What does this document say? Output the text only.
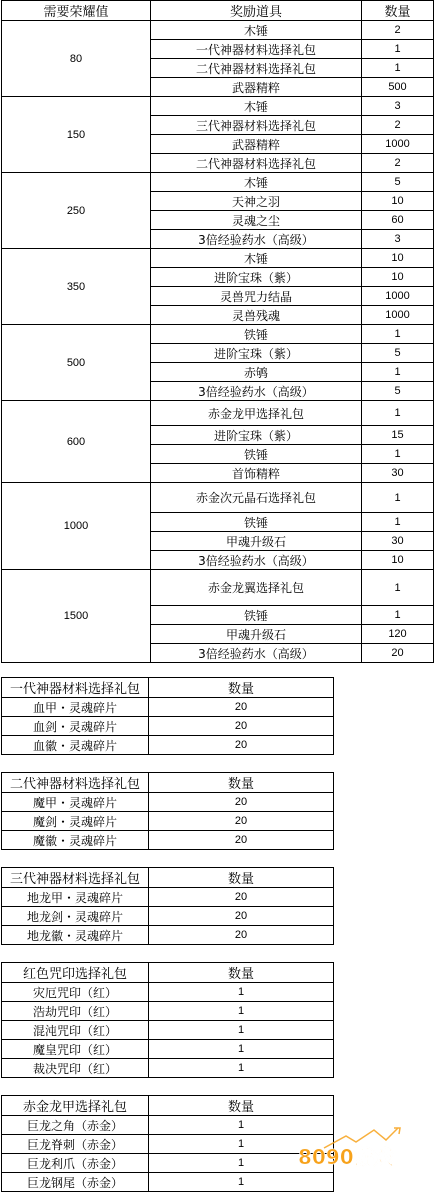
需要荣耀值	奖励道具	数量
80	木锤	2
	一代神器材料选择礼包	1
	二代神器材料选择礼包	1
	武器精粹	500
150	木锤	3
	三代神器材料选择礼包	2
	武器精粹	1000
	二代神器材料选择礼包	2
250	木锤	5
	天神之羽	10
	灵魂之尘	60
	3倍经验药水（高级）	3
350	木锤	10
	进阶宝珠（紫）	10
	灵兽咒力结晶	1000
	灵兽残魂	1000
500	铁锤	1
	进阶宝珠（紫）	5
	赤鸲	1
	3倍经验药水（高级）	5
600	赤金龙甲选择礼包	1
	进阶宝珠（紫）	15
	铁锤	1
	首饰精粹	30
1000	赤金次元晶石选择礼包	1
	铁锤	1
	甲魂升级石	30
	3倍经验药水（高级）	10
1500	赤金龙翼选择礼包	1
	铁锤	1
	甲魂升级石	120
	3倍经验药水（高级）	20
一代神器材料选择礼包	数量
血甲・灵魂碎片	20
血剑・灵魂碎片	20
血徽・灵魂碎片	20
二代神器材料选择礼包	数量
魔甲・灵魂碎片	20
魔剑・灵魂碎片	20
魔徽・灵魂碎片	20
三代神器材料选择礼包	数量
地龙甲・灵魂碎片	20
地龙剑・灵魂碎片	20
地龙徽・灵魂碎片	20
红色咒印选择礼包	数量
灾厄咒印（红）	1
浩劫咒印（红）	1
混沌咒印（红）	1
魔皇咒印（红）	1
裁决咒印（红）	1
赤金龙甲选择礼包	数量
巨龙之角（赤金）	1
巨龙脊刺（赤金）	1
巨龙利爪（赤金）	1
巨龙钢尾（赤金）	1
8090游戏
